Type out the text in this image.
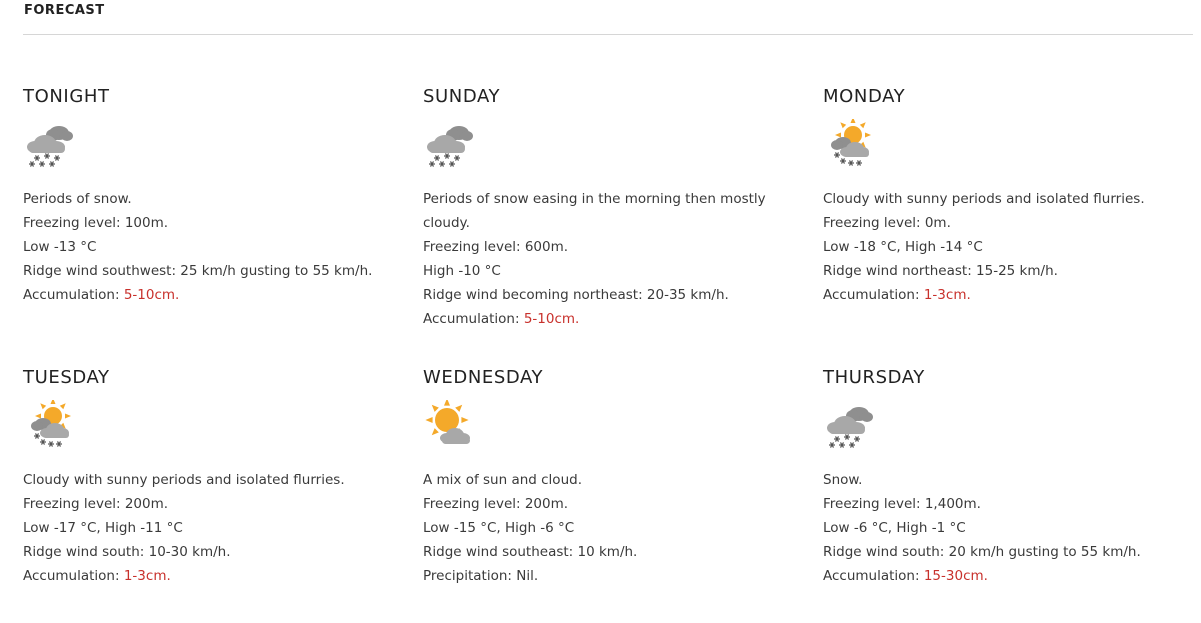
FORECAST
TONIGHT
Periods of snow.
Freezing level: 100m.
Low -13 °C
Ridge wind southwest: 25 km/h gusting to 55 km/h.
Accumulation: 5-10cm.
SUNDAY
Periods of snow easing in the morning then mostly
cloudy.
Freezing level: 600m.
High -10 °C
Ridge wind becoming northeast: 20-35 km/h.
Accumulation: 5-10cm.
MONDAY
Cloudy with sunny periods and isolated flurries.
Freezing level: 0m.
Low -18 °C, High -14 °C
Ridge wind northeast: 15-25 km/h.
Accumulation: 1-3cm.
TUESDAY
Cloudy with sunny periods and isolated flurries.
Freezing level: 200m.
Low -17 °C, High -11 °C
Ridge wind south: 10-30 km/h.
Accumulation: 1-3cm.
WEDNESDAY
A mix of sun and cloud.
Freezing level: 200m.
Low -15 °C, High -6 °C
Ridge wind southeast: 10 km/h.
Precipitation: Nil.
THURSDAY
Snow.
Freezing level: 1,400m.
Low -6 °C, High -1 °C
Ridge wind south: 20 km/h gusting to 55 km/h.
Accumulation: 15-30cm.
